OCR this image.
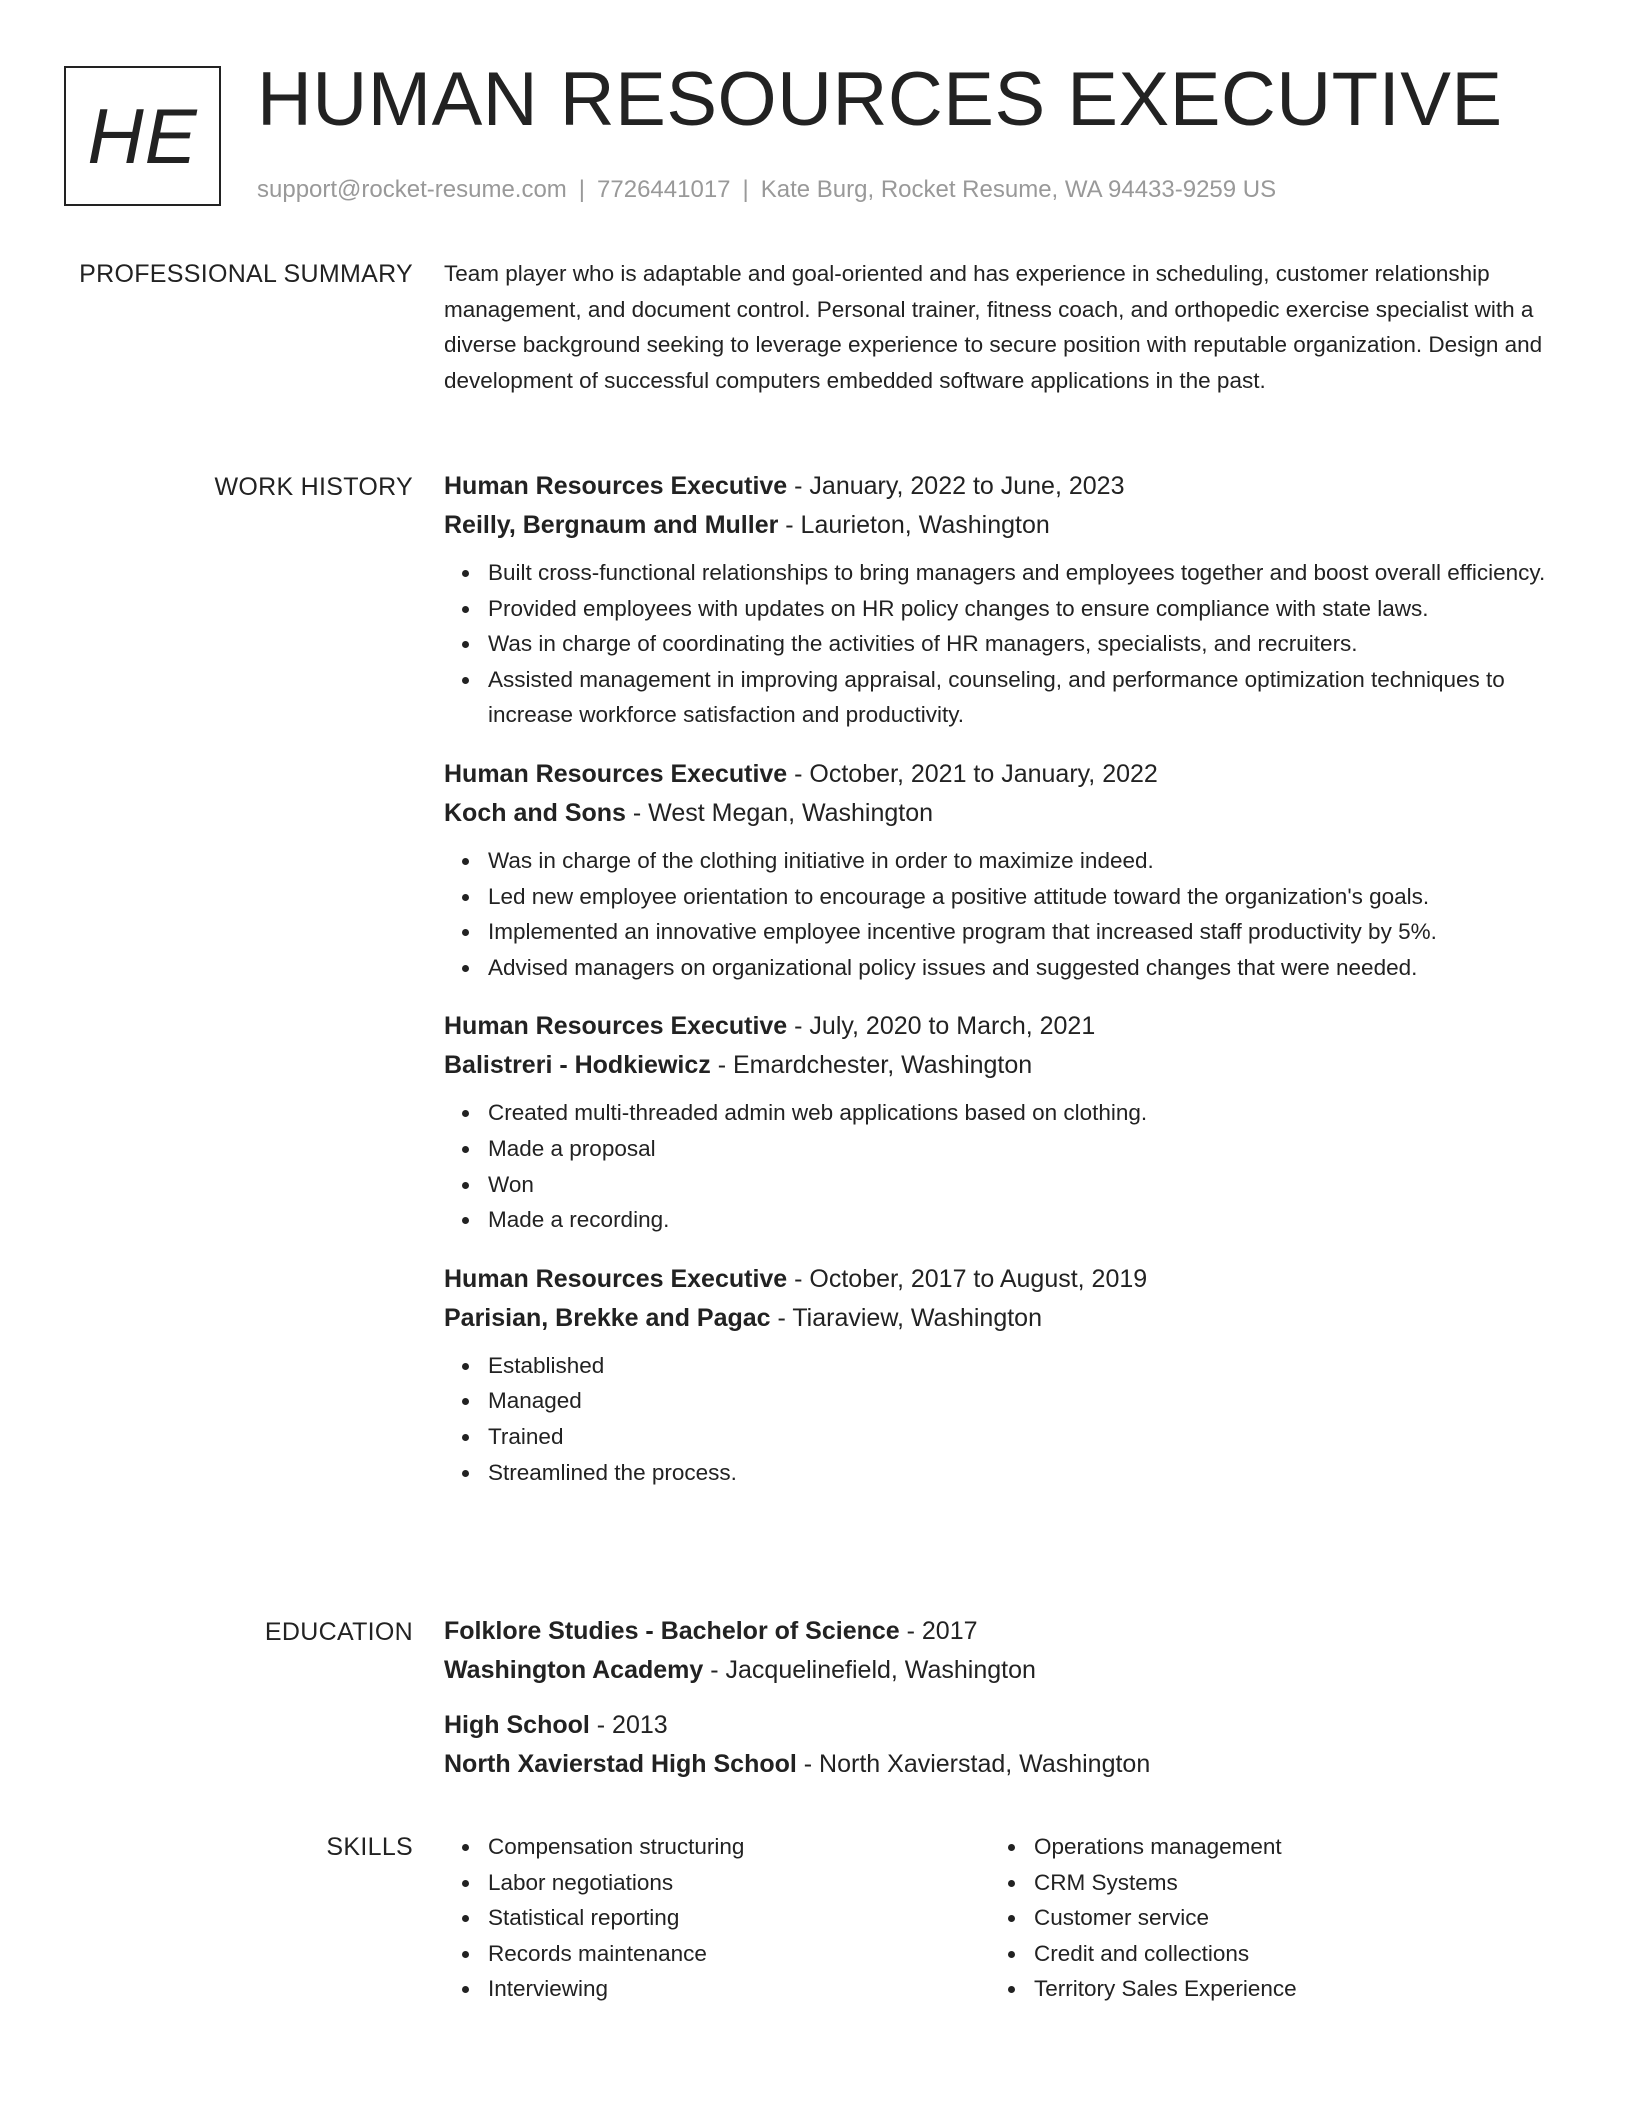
HE HUMAN RESOURCES EXECUTIVE
support@rocket-resume.com | 7726441017 | Kate Burg, Rocket Resume, WA 94433-9259 US
PROFESSIONAL SUMMARY Team player who is adaptable and goal-oriented and has experience in scheduling, customer relationship management, and document control. Personal trainer, fitness coach, and orthopedic exercise specialist with a diverse background seeking to leverage experience to secure position with reputable organization. Design and development of successful computers embedded software applications in the past.

WORK HISTORY Human Resources Executive - January, 2022 to June, 2023
Reilly, Bergnaum and Muller - Laurieton, Washington
Built cross-functional relationships to bring managers and employees together and boost overall efficiency.
Provided employees with updates on HR policy changes to ensure compliance with state laws.
Was in charge of coordinating the activities of HR managers, specialists, and recruiters.
Assisted management in improving appraisal, counseling, and performance optimization techniques to increase workforce satisfaction and productivity.
Human Resources Executive - October, 2021 to January, 2022
Koch and Sons - West Megan, Washington
Was in charge of the clothing initiative in order to maximize indeed.
Led new employee orientation to encourage a positive attitude toward the organization's goals.
Implemented an innovative employee incentive program that increased staff productivity by 5%.
Advised managers on organizational policy issues and suggested changes that were needed.
Human Resources Executive - July, 2020 to March, 2021
Balistreri - Hodkiewicz - Emardchester, Washington
Created multi-threaded admin web applications based on clothing.
Made a proposal
Won
Made a recording.
Human Resources Executive - October, 2017 to August, 2019
Parisian, Brekke and Pagac - Tiaraview, Washington
Established
Managed
Trained
Streamlined the process.
EDUCATION Folklore Studies - Bachelor of Science - 2017
Washington Academy - Jacquelinefield, Washington
High School - 2013
North Xavierstad High School - North Xavierstad, Washington
SKILLS	Compensation structuring
Labor negotiations
Statistical reporting
Records maintenance
Interviewing
Operations management
CRM Systems
Customer service
Credit and collections
Territory Sales Experience
